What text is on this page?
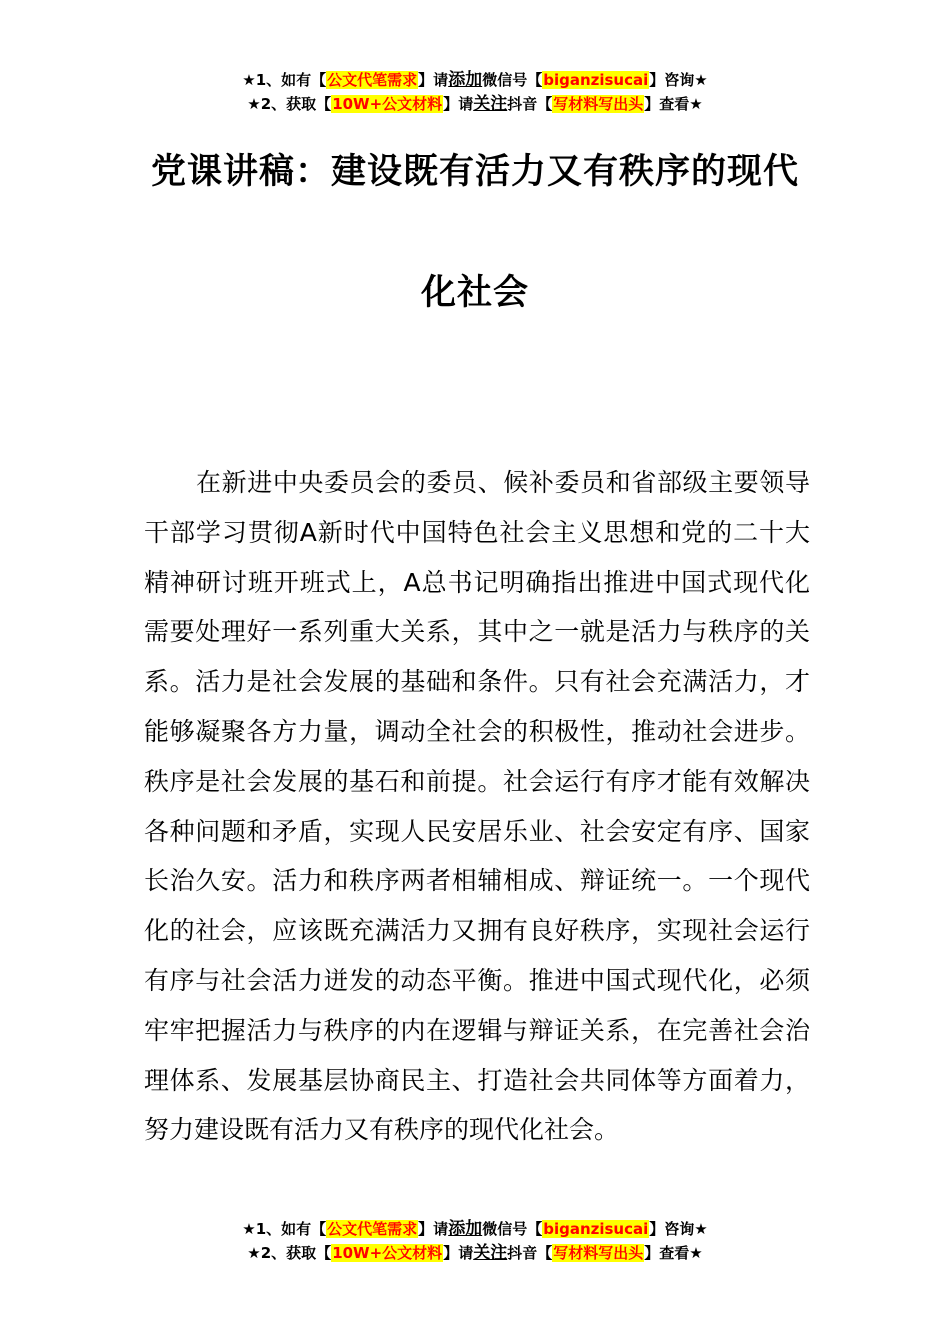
★1、如有【公文代笔需求】请添加微信号【biganzisucai】咨询★
★2、获取【10W+公文材料】请关注抖音【写材料写出头】查看★
党课讲稿：建设既有活力又有秩序的现代
化社会

在新进中央委员会的委员、候补委员和省部级主要领导干部学习贯彻A新时代中国特色社会主义思想和党的二十大精神研讨班开班式上，A总书记明确指出推进中国式现代化需要处理好一系列重大关系，其中之一就是活力与秩序的关系。活力是社会发展的基础和条件。只有社会充满活力，才能够凝聚各方力量，调动全社会的积极性，推动社会进步。秩序是社会发展的基石和前提。社会运行有序才能有效解决各种问题和矛盾，实现人民安居乐业、社会安定有序、国家长治久安。活力和秩序两者相辅相成、辩证统一。一个现代化的社会，应该既充满活力又拥有良好秩序，实现社会运行有序与社会活力迸发的动态平衡。推进中国式现代化，必须牢牢把握活力与秩序的内在逻辑与辩证关系，在完善社会治理体系、发展基层协商民主、打造社会共同体等方面着力，努力建设既有活力又有秩序的现代化社会。

★1、如有【公文代笔需求】请添加微信号【biganzisucai】咨询★
★2、获取【10W+公文材料】请关注抖音【写材料写出头】查看★
